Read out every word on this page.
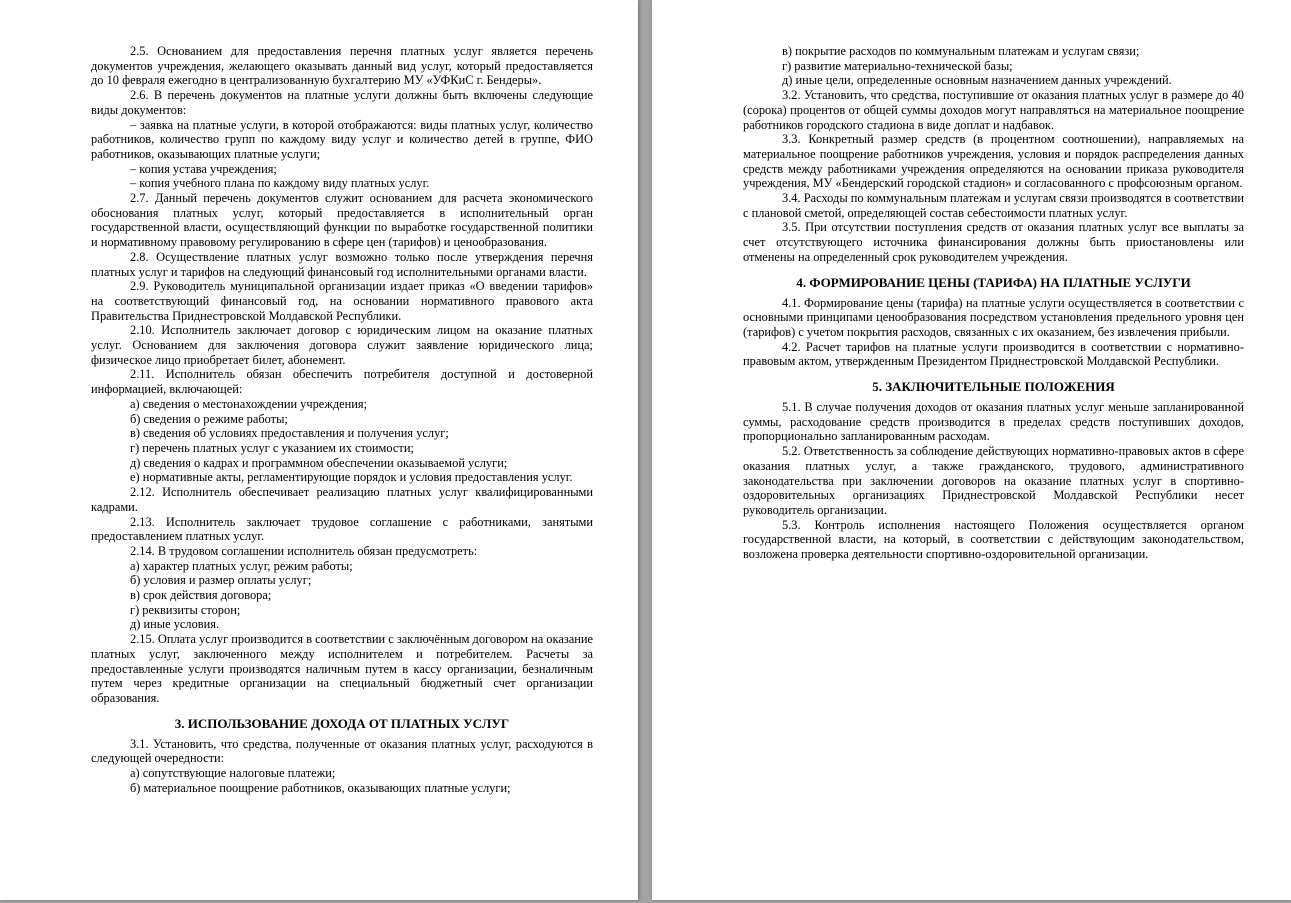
2.5. Основанием для предоставления перечня платных услуг является перечень документов учреждения, желающего оказывать данный вид услуг, который предоставляется до 10 февраля ежегодно в централизованную бухгалтерию МУ «УФКиС г. Бендеры».

2.6. В перечень документов на платные услуги должны быть включены следующие виды документов:

– заявка на платные услуги, в которой отображаются: виды платных услуг, количество работников, количество групп по каждому виду услуг и количество детей в группе, ФИО работников, оказывающих платные услуги;

– копия устава учреждения;

– копия учебного плана по каждому виду платных услуг.

2.7. Данный перечень документов служит основанием для расчета экономического обоснования платных услуг, который предоставляется в исполнительный орган государственной власти, осуществляющий функции по выработке государственной политики и нормативному правовому регулированию в сфере цен (тарифов) и ценообразования.

2.8. Осуществление платных услуг возможно только после утверждения перечня платных услуг и тарифов на следующий финансовый год исполнительными органами власти.

2.9. Руководитель муниципальной организации издает приказ «О введении тарифов» на соответствующий финансовый год, на основании нормативного правового акта Правительства Приднестровской Молдавской Республики.

2.10. Исполнитель заключает договор с юридическим лицом на оказание платных услуг. Основанием для заключения договора служит заявление юридического лица; физическое лицо приобретает билет, абонемент.

2.11. Исполнитель обязан обеспечить потребителя доступной и достоверной информацией, включающей:

а) сведения о местонахождении учреждения;

б) сведения о режиме работы;

в) сведения об условиях предоставления и получения услуг;

г) перечень платных услуг с указанием их стоимости;

д) сведения о кадрах и программном обеспечении оказываемой услуги;

е) нормативные акты, регламентирующие порядок и условия предоставления услуг.

2.12. Исполнитель обеспечивает реализацию платных услуг квалифицированными кадрами.

2.13. Исполнитель заключает трудовое соглашение с работниками, занятыми предоставлением платных услуг.

2.14. В трудовом соглашении исполнитель обязан предусмотреть:

а) характер платных услуг, режим работы;

б) условия и размер оплаты услуг;

в) срок действия договора;

г) реквизиты сторон;

д) иные условия.

2.15. Оплата услуг производится в соответствии с заключённым договором на оказание платных услуг, заключенного между исполнителем и потребителем. Расчеты за предоставленные услуги производятся наличным путем в кассу организации, безналичным путем через кредитные организации на специальный бюджетный счет организации образования.

3. ИСПОЛЬЗОВАНИЕ ДОХОДА ОТ ПЛАТНЫХ УСЛУГ

3.1. Установить, что средства, полученные от оказания платных услуг, расходуются в следующей очередности:

а) сопутствующие налоговые платежи;

б) материальное поощрение работников, оказывающих платные услуги;

в) покрытие расходов по коммунальным платежам и услугам связи;

г) развитие материально-технической базы;

д) иные цели, определенные основным назначением данных учреждений.

3.2. Установить, что средства, поступившие от оказания платных услуг в размере до 40 (сорока) процентов от общей суммы доходов могут направляться на материальное поощрение работников городского стадиона в виде доплат и надбавок.

3.3. Конкретный размер средств (в процентном соотношении), направляемых на материальное поощрение работников учреждения, условия и порядок распределения данных средств между работниками учреждения определяются на основании приказа руководителя учреждения, МУ «Бендерский городской стадион» и согласованного с профсоюзным органом.

3.4. Расходы по коммунальным платежам и услугам связи производятся в соответствии с плановой сметой, определяющей состав себестоимости платных услуг.

3.5. При отсутствии поступления средств от оказания платных услуг все выплаты за счет отсутствующего источника финансирования должны быть приостановлены или отменены на определенный срок руководителем учреждения.

4. ФОРМИРОВАНИЕ ЦЕНЫ (ТАРИФА) НА ПЛАТНЫЕ УСЛУГИ

4.1. Формирование цены (тарифа) на платные услуги осуществляется в соответствии с основными принципами ценообразования посредством установления предельного уровня цен (тарифов) с учетом покрытия расходов, связанных с их оказанием, без извлечения прибыли.

4.2. Расчет тарифов на платные услуги производится в соответствии с нормативно-правовым актом, утвержденным Президентом Приднестровской Молдавской Республики.

5. ЗАКЛЮЧИТЕЛЬНЫЕ ПОЛОЖЕНИЯ

5.1. В случае получения доходов от оказания платных услуг меньше запланированной суммы, расходование средств производится в пределах средств поступивших доходов, пропорционально запланированным расходам.

5.2. Ответственность за соблюдение действующих нормативно-правовых актов в сфере оказания платных услуг, а также гражданского, трудового, административного законодательства при заключении договоров на оказание платных услуг в спортивно-оздоровительных организациях Приднестровской Молдавской Республики несет руководитель организации.

5.3. Контроль исполнения настоящего Положения осуществляется органом государственной власти, на который, в соответствии с действующим законодательством, возложена проверка деятельности спортивно-оздоровительной организации.
